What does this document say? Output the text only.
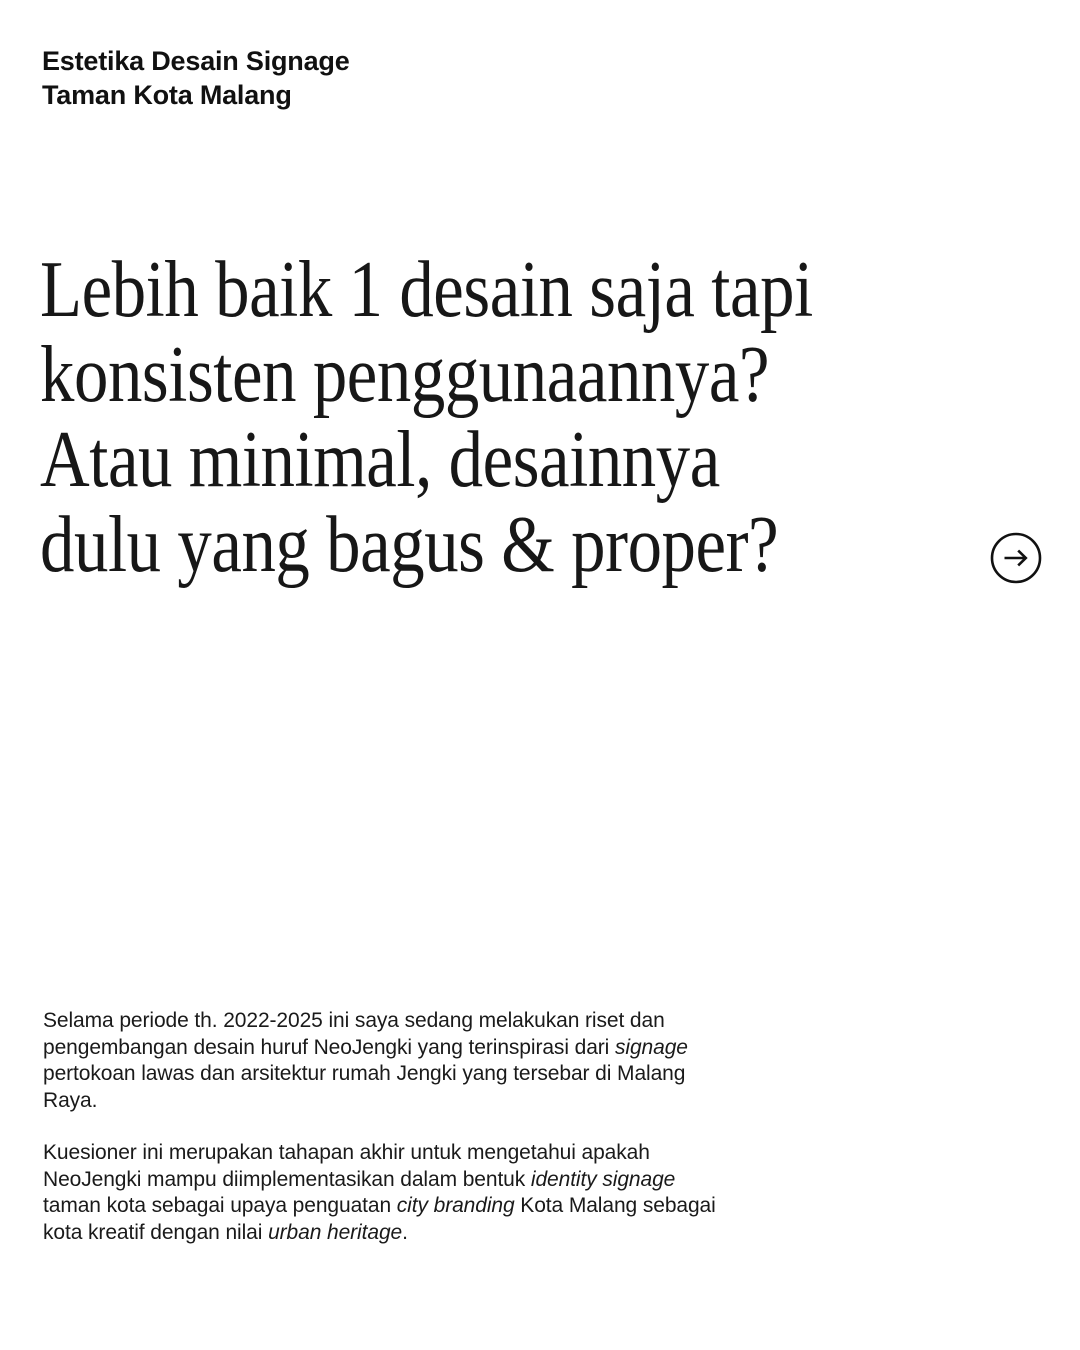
Estetika Desain Signage
Taman Kota Malang
Lebih baik 1 desain saja tapi
konsisten penggunaannya?
Atau minimal, desainnya
dulu yang bagus & proper?

Selama periode th. 2022-2025 ini saya sedang melakukan riset dan pengembangan desain huruf NeoJengki yang terinspirasi dari signage pertokoan lawas dan arsitektur rumah Jengki yang tersebar di Malang Raya.

Kuesioner ini merupakan tahapan akhir untuk mengetahui apakah NeoJengki mampu diimplementasikan dalam bentuk identity signage taman kota sebagai upaya penguatan city branding Kota Malang sebagai kota kreatif dengan nilai urban heritage.
